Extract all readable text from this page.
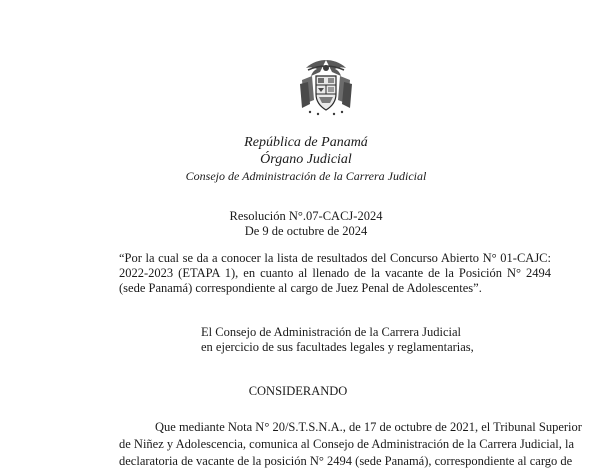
República de Panamá
Órgano Judicial
Consejo de Administración de la Carrera Judicial
Resolución N°.07-CACJ-2024
De 9 de octubre de 2024
“Por la cual se da a conocer la lista de resultados del Concurso Abierto N° 01-CAJC: 2022-2023 (ETAPA 1), en cuanto al llenado de la vacante de la Posición N° 2494 (sede Panamá) correspondiente al cargo de Juez Penal de Adolescentes”.
El Consejo de Administración de la Carrera Judicial
en ejercicio de sus facultades legales y reglamentarias,
CONSIDERANDO
Que mediante Nota N° 20/S.T.S.N.A., de 17 de octubre de 2021, el Tribunal Superior
de Niñez y Adolescencia, comunica al Consejo de Administración de la Carrera Judicial, la
declaratoria de vacante de la posición N° 2494 (sede Panamá), correspondiente al cargo de
